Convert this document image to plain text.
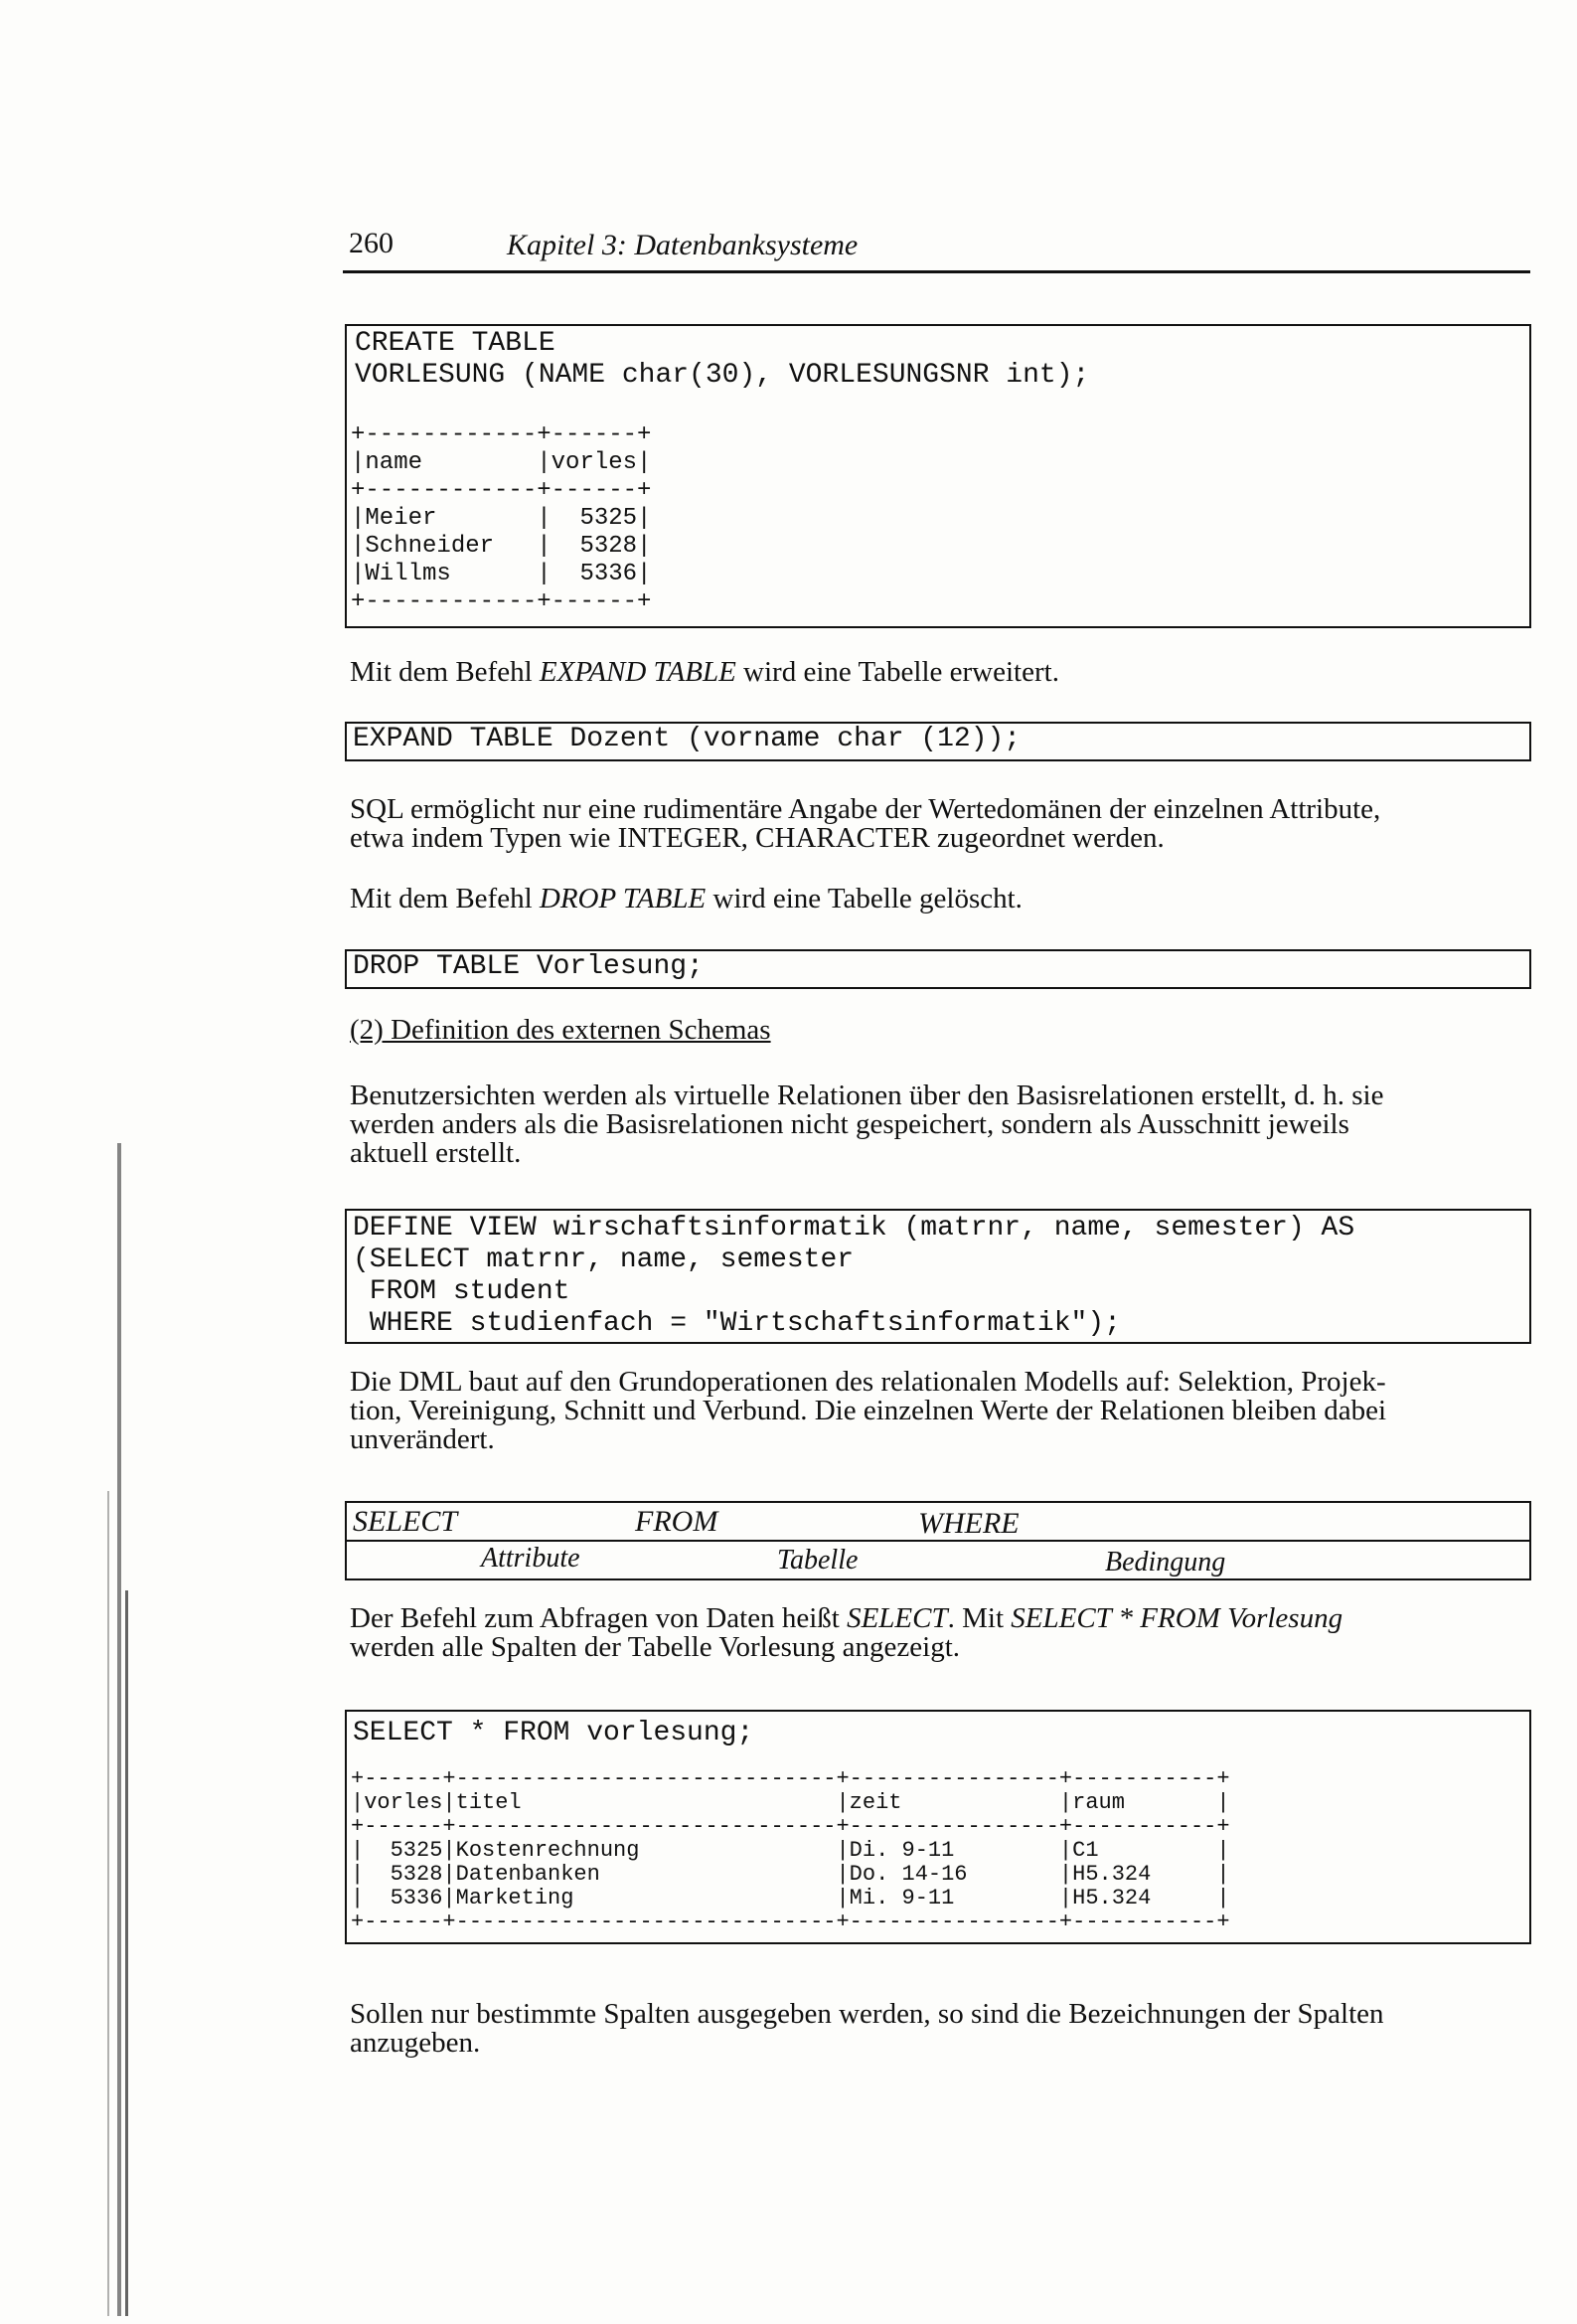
260	Kapitel 3: Datenbanksysteme

CREATE TABLE

VORLESUNG (NAME char(30), VORLESUNGSNR int);

+------------+------+

|name        |vorles|

+------------+------+

|Meier       |  5325|

|Schneider   |  5328|

|Willms      |  5336|

+------------+------+

Mit dem Befehl EXPAND TABLE wird eine Tabelle erweitert.

EXPAND TABLE Dozent (vorname char (12));

SQL ermöglicht nur eine rudimentäre Angabe der Wertedomänen der einzelnen Attribute,
etwa indem Typen wie INTEGER, CHARACTER zugeordnet werden.
Mit dem Befehl DROP TABLE wird eine Tabelle gelöscht.

DROP TABLE Vorlesung;

(2) Definition des externen Schemas
Benutzersichten werden als virtuelle Relationen über den Basisrelationen erstellt, d. h. sie
werden anders als die Basisrelationen nicht gespeichert, sondern als Ausschnitt jeweils
aktuell erstellt.

DEFINE VIEW wirschaftsinformatik (matrnr, name, semester) AS

(SELECT matrnr, name, semester

FROM student

WHERE studienfach = "Wirtschaftsinformatik");

Die DML baut auf den Grundoperationen des relationalen Modells auf: Selektion, Projek-
tion, Vereinigung, Schnitt und Verbund. Die einzelnen Werte der Relationen bleiben dabei
unverändert.
SELECT	FROM	WHERE
Attribute	Tabelle	Bedingung
Der Befehl zum Abfragen von Daten heißt SELECT. Mit SELECT * FROM Vorlesung
werden alle Spalten der Tabelle Vorlesung angezeigt.

SELECT * FROM vorlesung;

+------+-----------------------------+----------------+-----------+

|vorles|titel                        |zeit            |raum       |

+------+-----------------------------+----------------+-----------+

|  5325|Kostenrechnung               |Di. 9-11        |C1         |

|  5328|Datenbanken                  |Do. 14-16       |H5.324     |

|  5336|Marketing                    |Mi. 9-11        |H5.324     |

+------+-----------------------------+----------------+-----------+

Sollen nur bestimmte Spalten ausgegeben werden, so sind die Bezeichnungen der Spalten
anzugeben.
